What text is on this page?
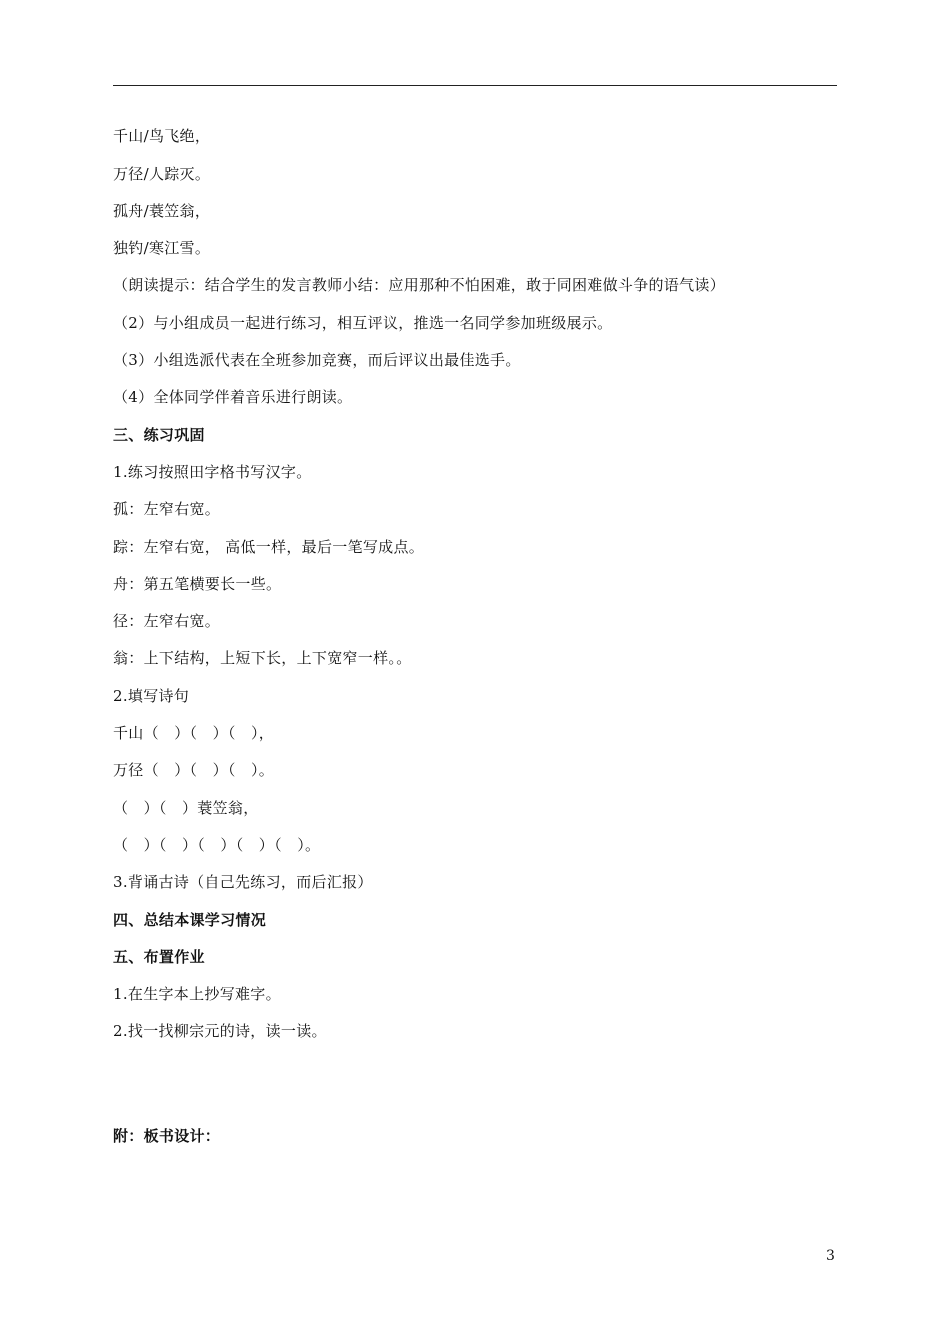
千山/鸟飞绝，
万径/人踪灭。
孤舟/蓑笠翁，
独钓/寒江雪。
（朗读提示：结合学生的发言教师小结：应用那种不怕困难，敢于同困难做斗争的语气读）
（2）与小组成员一起进行练习，相互评议，推选一名同学参加班级展示。
（3）小组选派代表在全班参加竞赛，而后评议出最佳选手。
（4）全体同学伴着音乐进行朗读。
三、练习巩固
1.练习按照田字格书写汉字。
孤：左窄右宽。
踪：左窄右宽， 高低一样，最后一笔写成点。
舟：第五笔横要长一些。
径：左窄右宽。
翁：上下结构，上短下长，上下宽窄一样。。
2.填写诗句
千山（　）（　）（　），
万径（　）（　）（　）。
（　）（　）蓑笠翁，
（　）（　）（　）（　）（　）。
3.背诵古诗（自己先练习，而后汇报）
四、总结本课学习情况
五、布置作业
1.在生字本上抄写难字。
2.找一找柳宗元的诗，读一读。
附：板书设计：
3
